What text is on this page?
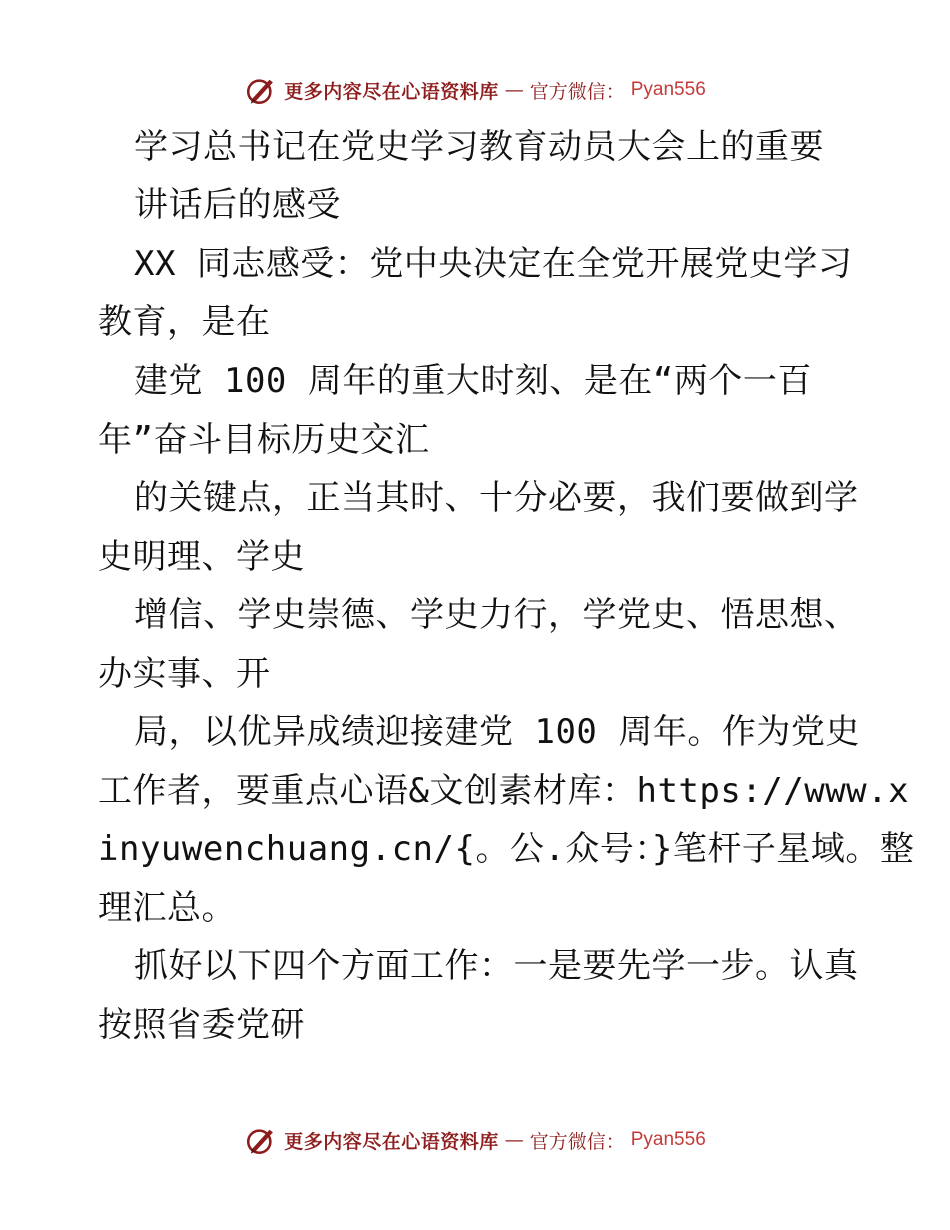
更多内容尽在心语资料库 — 官方微信： Pyan556
学习总书记在党史学习教育动员大会上的重要
讲话后的感受
XX 同志感受：党中央决定在全党开展党史学习
教育，是在
建党 100 周年的重大时刻、是在“两个一百
年”奋斗目标历史交汇
的关键点，正当其时、十分必要，我们要做到学
史明理、学史
增信、学史崇德、学史力行，学党史、悟思想、
办实事、开
局，以优异成绩迎接建党 100 周年。作为党史
工作者，要重点心语&文创素材库：https://www.x
inyuwenchuang.cn/{。公.众号：}笔杆子星域。整
理汇总。
抓好以下四个方面工作：一是要先学一步。认真
按照省委党研
更多内容尽在心语资料库 — 官方微信： Pyan556
